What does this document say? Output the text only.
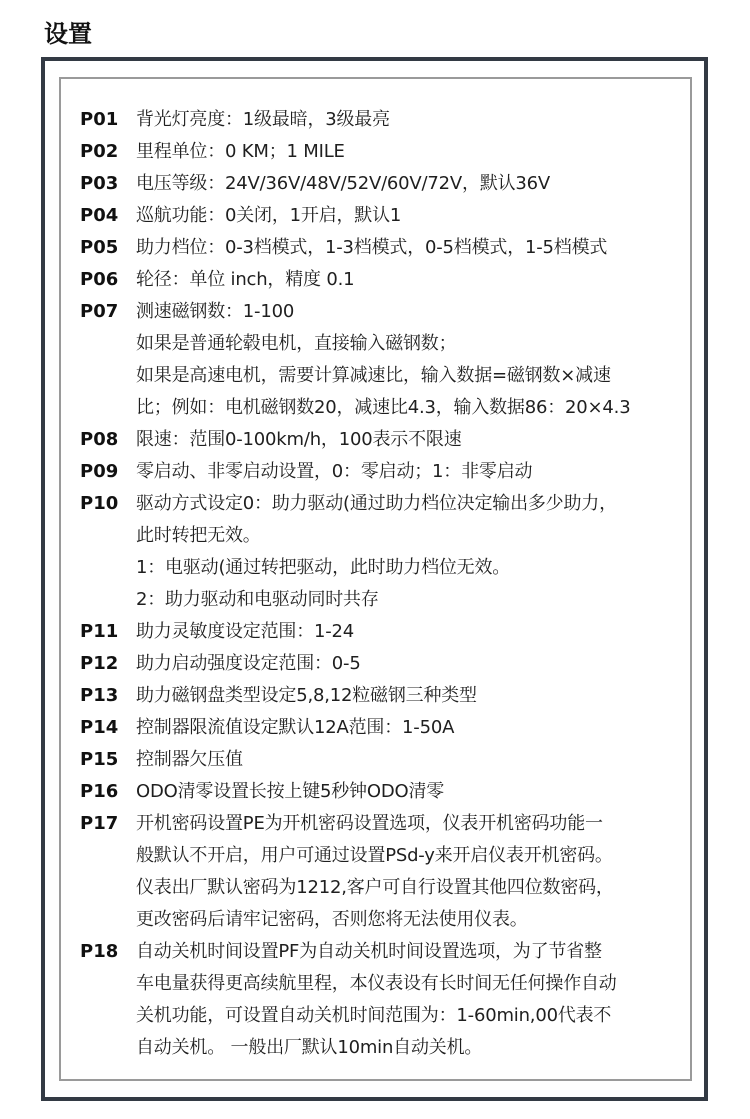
设置
P01 背光灯亮度：1级最暗，3级最亮
P02 里程单位：0 KM；1 MILE
P03 电压等级：24V/36V/48V/52V/60V/72V，默认36V
P04 巡航功能：0关闭，1开启，默认1
P05 助力档位：0-3档模式，1-3档模式，0-5档模式，1-5档模式
P06 轮径：单位 inch，精度 0.1
P07 测速磁钢数：1-100
如果是普通轮毂电机，直接输入磁钢数；
如果是高速电机，需要计算减速比，输入数据=磁钢数×减速
比；例如：电机磁钢数20，减速比4.3，输入数据86：20×4.3
P08 限速：范围0-100km/h，100表示不限速
P09 零启动、非零启动设置，0：零启动；1：非零启动
P10 驱动方式设定0：助力驱动(通过助力档位决定输出多少助力，
此时转把无效。
1：电驱动(通过转把驱动，此时助力档位无效。
2：助力驱动和电驱动同时共存
P11 助力灵敏度设定范围：1-24
P12 助力启动强度设定范围：0-5
P13 助力磁钢盘类型设定5,8,12粒磁钢三种类型
P14 控制器限流值设定默认12A范围：1-50A
P15 控制器欠压值
P16 ODO清零设置长按上键5秒钟ODO清零
P17 开机密码设置PE为开机密码设置选项，仪表开机密码功能一
般默认不开启，用户可通过设置PSd-y来开启仪表开机密码。
仪表出厂默认密码为1212,客户可自行设置其他四位数密码，
更改密码后请牢记密码，否则您将无法使用仪表。
P18 自动关机时间设置PF为自动关机时间设置选项，为了节省整
车电量获得更高续航里程，本仪表设有长时间无任何操作自动
关机功能，可设置自动关机时间范围为：1-60min,00代表不
自动关机。 一般出厂默认10min自动关机。
